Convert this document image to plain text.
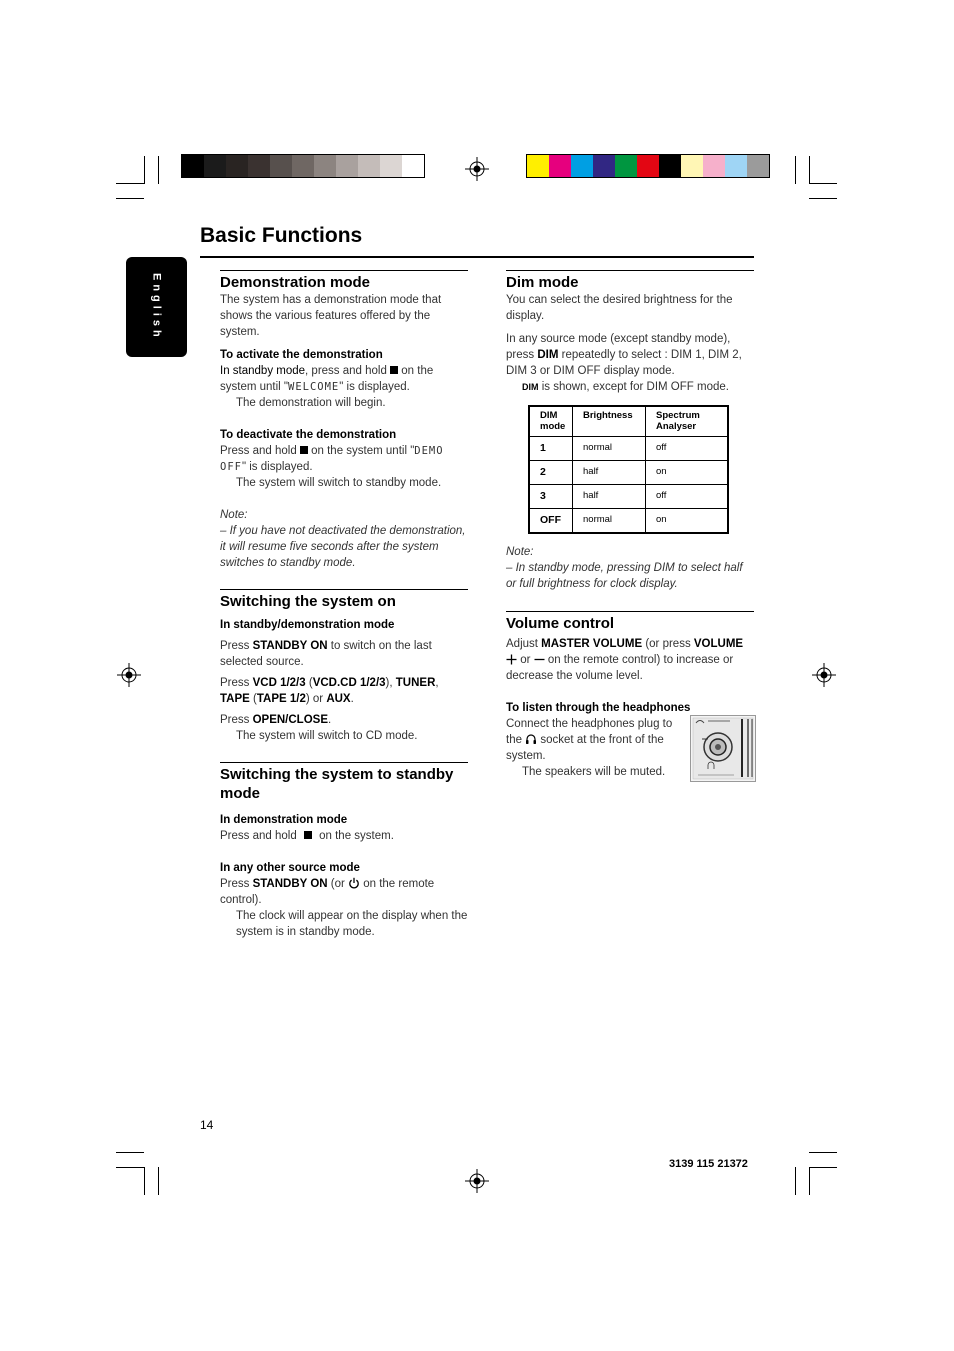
Basic Functions
English	Demonstration mode

The system has a demonstration mode that shows the various features offered by the system.

To activate the demonstration

In standby mode, press and hold  on the system until "WELCOME" is displayed.

The demonstration will begin.

To deactivate the demonstration

Press and hold  on the system until "DEMO OFF" is displayed.

The system will switch to standby mode.

Note:

– If you have not deactivated the demonstration, it will resume five seconds after the system switches to standby mode.

Switching the system on
In standby/demonstration mode

Press STANDBY ON to switch on the last selected source.

Press VCD 1/2/3 (VCD.CD 1/2/3), TUNER, TAPE (TAPE 1/2) or AUX.

Press OPEN/CLOSE.

The system will switch to CD mode.

Switching the system to standby mode
In demonstration mode

Press and hold  on the system.

In any other source mode

Press STANDBY ON (or  on the remote control).

The clock will appear on the display when the system is in standby mode.

Dim mode

You can select the desired brightness for the display.

In any source mode (except standby mode), press DIM repeatedly to select : DIM 1, DIM 2, DIM 3 or DIM OFF display mode.

DIM is shown, except for DIM OFF mode.

DIM mode	Brightness	Spectrum Analyser
1	normal	off
2	half	on
3	half	off
OFF	normal	on

Note:

– In standby mode, pressing DIM to select half or full brightness for clock display.

Volume control

Adjust MASTER VOLUME (or press VOLUME  or  on the remote control) to increase or decrease the volume level.

To listen through the headphones

Connect the headphones plug to the  socket at the front of the system.

The speakers will be muted.

14
3139 115 21372
